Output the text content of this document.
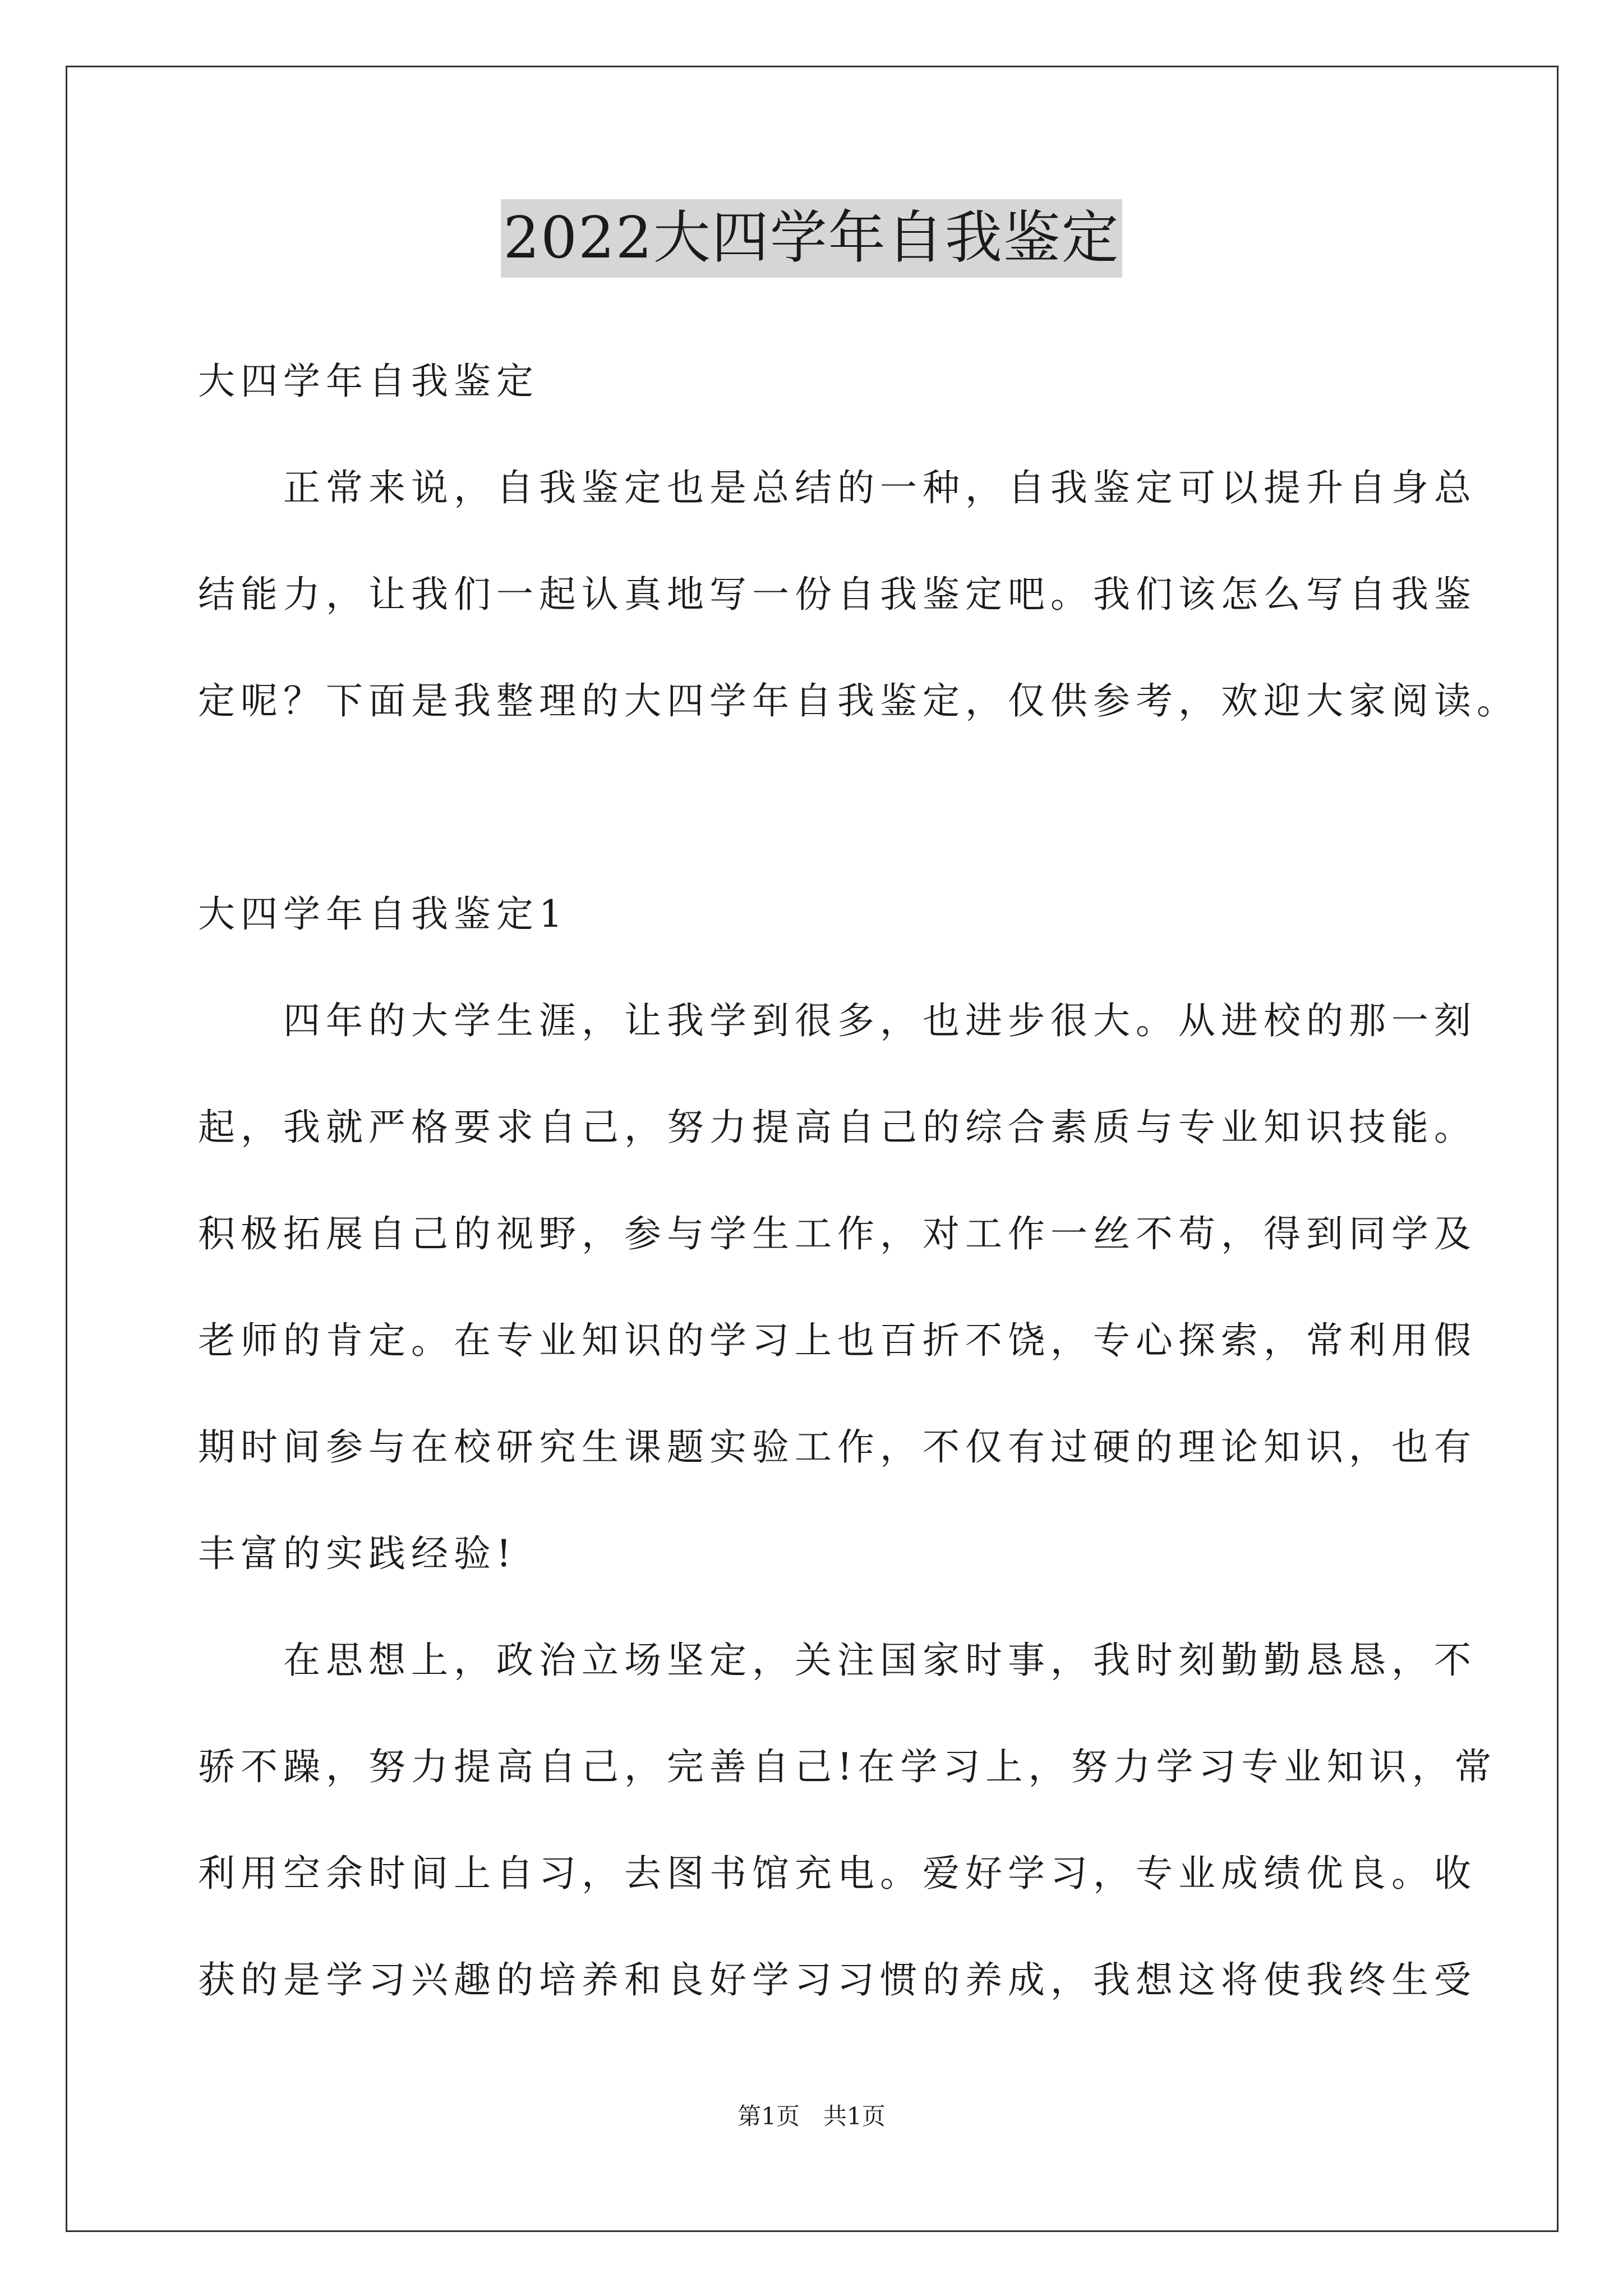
2022大四学年自我鉴定
大四学年自我鉴定
　　正常来说，自我鉴定也是总结的一种，自我鉴定可以提升自身总
结能力，让我们一起认真地写一份自我鉴定吧。我们该怎么写自我鉴
定呢？下面是我整理的大四学年自我鉴定，仅供参考，欢迎大家阅读。
大四学年自我鉴定1
　　四年的大学生涯，让我学到很多，也进步很大。从进校的那一刻
起，我就严格要求自己，努力提高自己的综合素质与专业知识技能。
积极拓展自己的视野，参与学生工作，对工作一丝不苟，得到同学及
老师的肯定。在专业知识的学习上也百折不饶，专心探索，常利用假
期时间参与在校研究生课题实验工作，不仅有过硬的理论知识，也有
丰富的实践经验!
　　在思想上，政治立场坚定，关注国家时事，我时刻勤勤恳恳，不
骄不躁，努力提高自己，完善自己!在学习上，努力学习专业知识，常
利用空余时间上自习，去图书馆充电。爱好学习，专业成绩优良。收
获的是学习兴趣的培养和良好学习习惯的养成，我想这将使我终生受
第1页　共1页
